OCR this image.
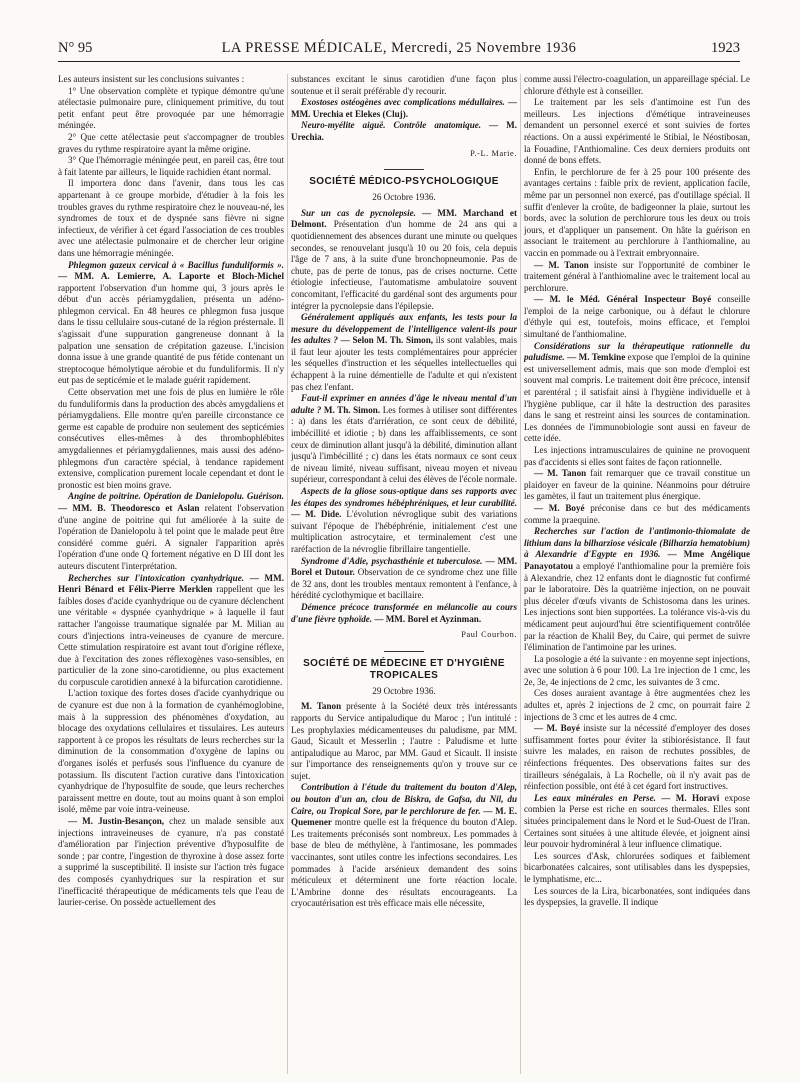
N° 95	LA PRESSE MÉDICALE, Mercredi, 25 Novembre 1936	1923

Les auteurs insistent sur les conclusions suivantes :

1° Une observation complète et typique démontre qu'une atélectasie pulmonaire pure, cliniquement primitive, du tout petit enfant peut être provoquée par une hémorragie méningée.

2° Que cette atélectasie peut s'accompagner de troubles graves du rythme respiratoire ayant la même origine.

3° Que l'hémorragie méningée peut, en pareil cas, être tout à fait latente par ailleurs, le liquide rachidien étant normal.

Il importera donc dans l'avenir, dans tous les cas appartenant à ce groupe morbide, d'étudier à la fois les troubles graves du rythme respiratoire chez le nouveau-né, les syndromes de toux et de dyspnée sans fièvre ni signe infectieux, de vérifier à cet égard l'association de ces troubles avec une atélectasie pulmonaire et de chercher leur origine dans une hémorragie méningée.

Phlegmon gazeux cervical à « Bacillus funduliformis ». — MM. A. Lemierre, A. Laporte et Bloch-Michel rapportent l'observation d'un homme qui, 3 jours après le début d'un accès périamygdalien, présenta un adéno-phlegmon cervical. En 48 heures ce phlegmon fusa jusque dans le tissu cellulaire sous-cutané de la région présternale. Il s'agissait d'une suppuration gangreneuse donnant à la palpation une sensation de crépitation gazeuse. L'incision donna issue à une grande quantité de pus fétide contenant un streptocoque hémolytique aérobie et du funduliformis. Il n'y eut pas de septicémie et le malade guérit rapidement.

Cette observation met une fois de plus en lumière le rôle du funduliformis dans la production des abcès amygdaliens et périamygdaliens. Elle montre qu'en pareille circonstance ce germe est capable de produire non seulement des septicémies consécutives elles-mêmes à des thrombophlébites amygdaliennes et périamygdaliennes, mais aussi des adéno-phlegmons d'un caractère spécial, à tendance rapidement extensive, complication purement locale cependant et dont le pronostic est bien moins grave.

Angine de poitrine. Opération de Danielopolu. Guérison. — MM. B. Theodoresco et Aslan relatent l'observation d'une angine de poitrine qui fut améliorée à la suite de l'opération de Danielopolu à tel point que le malade peut être considéré comme guéri. A signaler l'apparition après l'opération d'une onde Q fortement négative en D III dont les auteurs discutent l'interprétation.

Recherches sur l'intoxication cyanhydrique. — MM. Henri Bénard et Félix-Pierre Merklen rappellent que les faibles doses d'acide cyanhydrique ou de cyanure déclenchent une véritable « dyspnée cyanhydrique » à laquelle il faut rattacher l'angoisse traumatique signalée par M. Milian au cours d'injections intra-veineuses de cyanure de mercure. Cette stimulation respiratoire est avant tout d'origine réflexe, due à l'excitation des zones réflexogènes vaso-sensibles, en particulier de la zone sino-carotidienne, ou plus exactement du corpuscule carotidien annexé à la bifurcation carotidienne.

L'action toxique des fortes doses d'acide cyanhydrique ou de cyanure est due non à la formation de cyanhémoglobine, mais à la suppression des phénomènes d'oxydation, au blocage des oxydations cellulaires et tissulaires. Les auteurs rapportent à ce propos les résultats de leurs recherches sur la diminution de la consommation d'oxygène de lapins ou d'organes isolés et perfusés sous l'influence du cyanure de potassium. Ils discutent l'action curative dans l'intoxication cyanhydrique de l'hyposulfite de soude, que leurs recherches paraissent mettre en doute, tout au moins quant à son emploi isolé, même par voie intra-veineuse.

— M. Justin-Besançon, chez un malade sensible aux injections intraveineuses de cyanure, n'a pas constaté d'amélioration par l'injection préventive d'hyposulfite de sonde ; par contre, l'ingestion de thyroxine à dose assez forte a supprimé la susceptibilité. Il insiste sur l'action très fugace des composés cyanhydriques sur la respiration et sur l'inefficacité thérapeutique de médicaments tels que l'eau de laurier-cerise. On possède actuellement des

substances excitant le sinus carotidien d'une façon plus soutenue et il serait préférable d'y recourir.

Exostoses ostéogènes avec complications médullaires. — MM. Urechia et Elekes (Cluj).

Neuro-myélite aiguë. Contrôle anatomique. — M. Urechia.

P.-L. Marie.

SOCIÉTÉ MÉDICO-PSYCHOLOGIQUE

26 Octobre 1936.

Sur un cas de pycnolepsie. — MM. Marchand et Delmont. Présentation d'un homme de 24 ans qui a quotidiennement des absences durant une minute ou quelques secondes, se renouvelant jusqu'à 10 ou 20 fois, cela depuis l'âge de 7 ans, à la suite d'une bronchopneumonie. Pas de chute, pas de perte de tonus, pas de crises nocturne. Cette étiologie infectieuse, l'automatisme ambulatoire souvent concomitant, l'efficacité du gardénal sont des arguments pour intégrer la pycnolepsie dans l'épilepsie.

Généralement appliqués aux enfants, les tests pour la mesure du développement de l'intelligence valent-ils pour les adultes ? — Selon M. Th. Simon, ils sont valables, mais il faut leur ajouter les tests complémentaires pour apprécier les séquelles d'instruction et les séquelles intellectuelles qui échappent à la ruine démentielle de l'adulte et qui n'existent pas chez l'enfant.

Faut-il exprimer en années d'âge le niveau mental d'un adulte ? M. Th. Simon. Les formes à utiliser sont différentes : a) dans les états d'arriération, ce sont ceux de débilité, imbécillité et idiotie ; b) dans les affaiblissements, ce sont ceux de diminution allant jusqu'à la débilité, diminution allant jusqu'à l'imbécillité ; c) dans les états normaux ce sont ceux de niveau limité, niveau suffisant, niveau moyen et niveau supérieur, correspondant à celui des élèves de l'école normale.

Aspects de la gliose sous-optique dans ses rapports avec les étapes des syndromes hébéphréniques, et leur curabilité. — M. Dide. L'évolution névroglique subit des variations suivant l'époque de l'hébéphrénie, initialement c'est une multiplication astrocytaire, et terminalement c'est une raréfaction de la névroglie fibrillaire tangentielle.

Syndrome d'Adie, psychasthénie et tuberculose. — MM. Borel et Dutour. Observation de ce syndrome chez une fille de 32 ans, dont les troubles mentaux remontent à l'enfance, à hérédité cyclothymique et bacillaire.

Démence précoce transformée en mélancolie au cours d'une fièvre typhoïde. — MM. Borel et Ayzinman.

Paul Courbon.

SOCIÉTÉ DE MÉDECINE ET D'HYGIÈNE TROPICALES

29 Octobre 1936.

M. Tanon présente à la Société deux très intéressants rapports du Service antipaludique du Maroc ; l'un intitulé : Les prophylaxies médicamenteuses du paludisme, par MM. Gaud, Sicault et Messerlin ; l'autre : Paludisme et lutte antipaludique au Maroc, par MM. Gaud et Sicault. Il insiste sur l'importance des renseignements qu'on y trouve sur ce sujet.

Contribution à l'étude du traitement du bouton d'Alep, ou bouton d'un an, clou de Biskra, de Gafsa, du Nil, du Caire, ou Tropical Sore, par le perchlorure de fer. — M. E. Quemener montre quelle est la fréquence du bouton d'Alep. Les traitements préconisés sont nombreux. Les pommades à base de bleu de méthylène, à l'antimosane, les pommades vaccinantes, sont utiles contre les infections secondaires. Les pommades à l'acide arsénieux demandent des soins méticuleux et déterminent une forte réaction locale. L'Ambrine donne des résultats encourageants. La cryocautérisation est très efficace mais elle nécessite,

comme aussi l'électro-coagulation, un appareillage spécial. Le chlorure d'éthyle est à conseiller.

Le traitement par les sels d'antimoine est l'un des meilleurs. Les injections d'émétique intraveineuses demandent un personnel exercé et sont suivies de fortes réactions. On a aussi expérimenté le Stibial, le Néostibosan, la Fouadine, l'Anthiomaline. Ces deux derniers produits ont donné de bons effets.

Enfin, le perchlorure de fer à 25 pour 100 présente des avantages certains : faible prix de revient, application facile, même par un personnel non exercé, pas d'outillage spécial. Il suffit d'enlever la croûte, de badigeonner la plaie, surtout les bords, avec la solution de perchlorure tous les deux ou trois jours, et d'appliquer un pansement. On hâte la guérison en associant le traitement au perchlorure à l'anthiomaline, au vaccin en pommade ou à l'extrait embryonnaire.

— M. Tanon insiste sur l'opportunité de combiner le traitement général à l'anthiomaline avec le traitement local au perchlorure.

— M. le Méd. Général Inspecteur Boyé conseille l'emploi de la neige carbonique, ou à défaut le chlorure d'éthyle qui est, toutefois, moins efficace, et l'emploi simultané de l'anthiomaline.

Considérations sur la thérapeutique rationnelle du paludisme. — M. Temkine expose que l'emploi de la quinine est universellement admis, mais que son mode d'emploi est souvent mal compris. Le traitement doit être précoce, intensif et parentéral ; il satisfait ainsi à l'hygiène individuelle et à l'hygiène publique, car il hâte la destruction des parasites dans le sang et restreint ainsi les sources de contamination. Les données de l'immunobiologie sont aussi en faveur de cette idée.

Les injections intramusculaires de quinine ne provoquent pas d'accidents si elles sont faites de façon rationnelle.

— M. Tanon fait remarquer que ce travail constitue un plaidoyer en faveur de la quinine. Néanmoins pour détruire les gamètes, il faut un traitement plus énergique.

— M. Boyé préconise dans ce but des médicaments comme la praequine.

Recherches sur l'action de l'antimonio-thiomalate de lithium dans la bilharziose vésicale (Bilharzia hematobium) à Alexandrie d'Egypte en 1936. — Mme Angélique Panayotatou a employé l'anthiomaline pour la première fois à Alexandrie, chez 12 enfants dont le diagnostic fut confirmé par le laboratoire. Dès la quatrième injection, on ne pouvait plus déceler d'œufs vivants de Schistosoma dans les urines. Les injections sont bien supportées. La tolérance vis-à-vis du médicament peut aujourd'hui être scientifiquement contrôlée par la réaction de Khalil Bey, du Caire, qui permet de suivre l'élimination de l'antimoine par les urines.

La posologie a été la suivante : en moyenne sept injections, avec une solution à 6 pour 100. La 1re injection de 1 cmc, les 2e, 3e, 4e injections de 2 cmc, les suivantes de 3 cmc.

Ces doses auraient avantage à être augmentées chez les adultes et, après 2 injections de 2 cmc, on pourrait faire 2 injections de 3 cmc et les autres de 4 cmc.

— M. Boyé insiste sur la nécessité d'employer des doses suffisamment fortes pour éviter la stibiorésistance. Il faut suivre les malades, en raison de rechutes possibles, de réinfections fréquentes. Des observations faites sur des tirailleurs sénégalais, à La Rochelle, où il n'y avait pas de réinfection possible, ont été à cet égard fort instructives.

Les eaux minérales en Perse. — M. Horavi expose combien la Perse est riche en sources thermales. Elles sont situées principalement dans le Nord et le Sud-Ouest de l'Iran. Certaines sont situées à une altitude élevée, et joignent ainsi leur pouvoir hydrominéral à leur influence climatique.

Les sources d'Ask, chlorurées sodiques et faiblement bicarbonatées calcaires, sont utilisables dans les dyspepsies, le lymphatisme, etc...

Les sources de la Lira, bicarbonatées, sont indiquées dans les dyspepsies, la gravelle. Il indique
